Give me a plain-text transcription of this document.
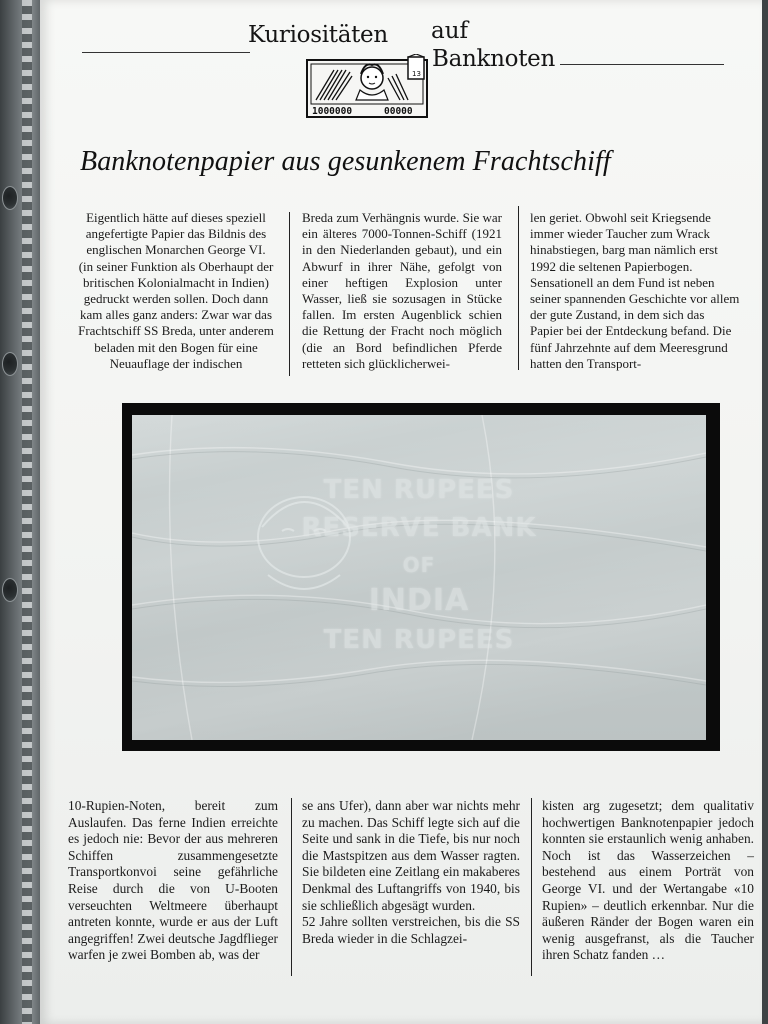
Kuriositäten auf
Banknoten
13
1000000	00000
Banknotenpapier aus gesunkenem Frachtschiff

Eigentlich hätte auf dieses speziell angefertigte Papier das Bildnis des englischen Monarchen George VI. (in seiner Funktion als Oberhaupt der britischen Kolonialmacht in Indien) gedruckt werden sollen. Doch dann kam alles ganz anders: Zwar war das Frachtschiff SS Breda, unter anderem beladen mit den Bogen für eine Neuauflage der indischen

Breda zum Verhängnis wurde. Sie war ein älteres 7000-Tonnen-Schiff (1921 in den Niederlanden gebaut), und ein Abwurf in ihrer Nähe, gefolgt von einer heftigen Explosion unter Wasser, ließ sie sozusagen in Stücke fallen. Im ersten Augenblick schien die Rettung der Fracht noch möglich (die an Bord befindlichen Pferde retteten sich glücklicherwei-

len geriet. Obwohl seit Kriegsende immer wieder Taucher zum Wrack hinabstiegen, barg man nämlich erst 1992 die seltenen Papierbogen. Sensationell an dem Fund ist neben seiner spannenden Geschichte vor allem der gute Zustand, in dem sich das Papier bei der Entdeckung befand. Die fünf Jahrzehnte auf dem Meeresgrund hatten den Transport-

TEN RUPEES
RESERVE BANK
OF
INDIA
TEN RUPEES

10-Rupien-Noten, bereit zum Auslaufen. Das ferne Indien erreichte es jedoch nie: Bevor der aus mehreren Schiffen zusammengesetzte Transportkonvoi seine gefährliche Reise durch die von U-Booten verseuchten Weltmeere überhaupt antreten konnte, wurde er aus der Luft angegriffen! Zwei deutsche Jagdflieger warfen je zwei Bomben ab, was der

se ans Ufer), dann aber war nichts mehr zu machen. Das Schiff legte sich auf die Seite und sank in die Tiefe, bis nur noch die Mastspitzen aus dem Wasser ragten. Sie bildeten eine Zeitlang ein makaberes Denkmal des Luftangriffs von 1940, bis sie schließlich abgesägt wurden.

52 Jahre sollten verstreichen, bis die SS Breda wieder in die Schlagzei-

kisten arg zugesetzt; dem qualitativ hochwertigen Banknotenpapier jedoch konnten sie erstaunlich wenig anhaben. Noch ist das Wasserzeichen – bestehend aus einem Porträt von George VI. und der Wertangabe «10 Rupien» – deutlich erkennbar. Nur die äußeren Ränder der Bogen waren ein wenig ausgefranst, als die Taucher ihren Schatz fanden …
